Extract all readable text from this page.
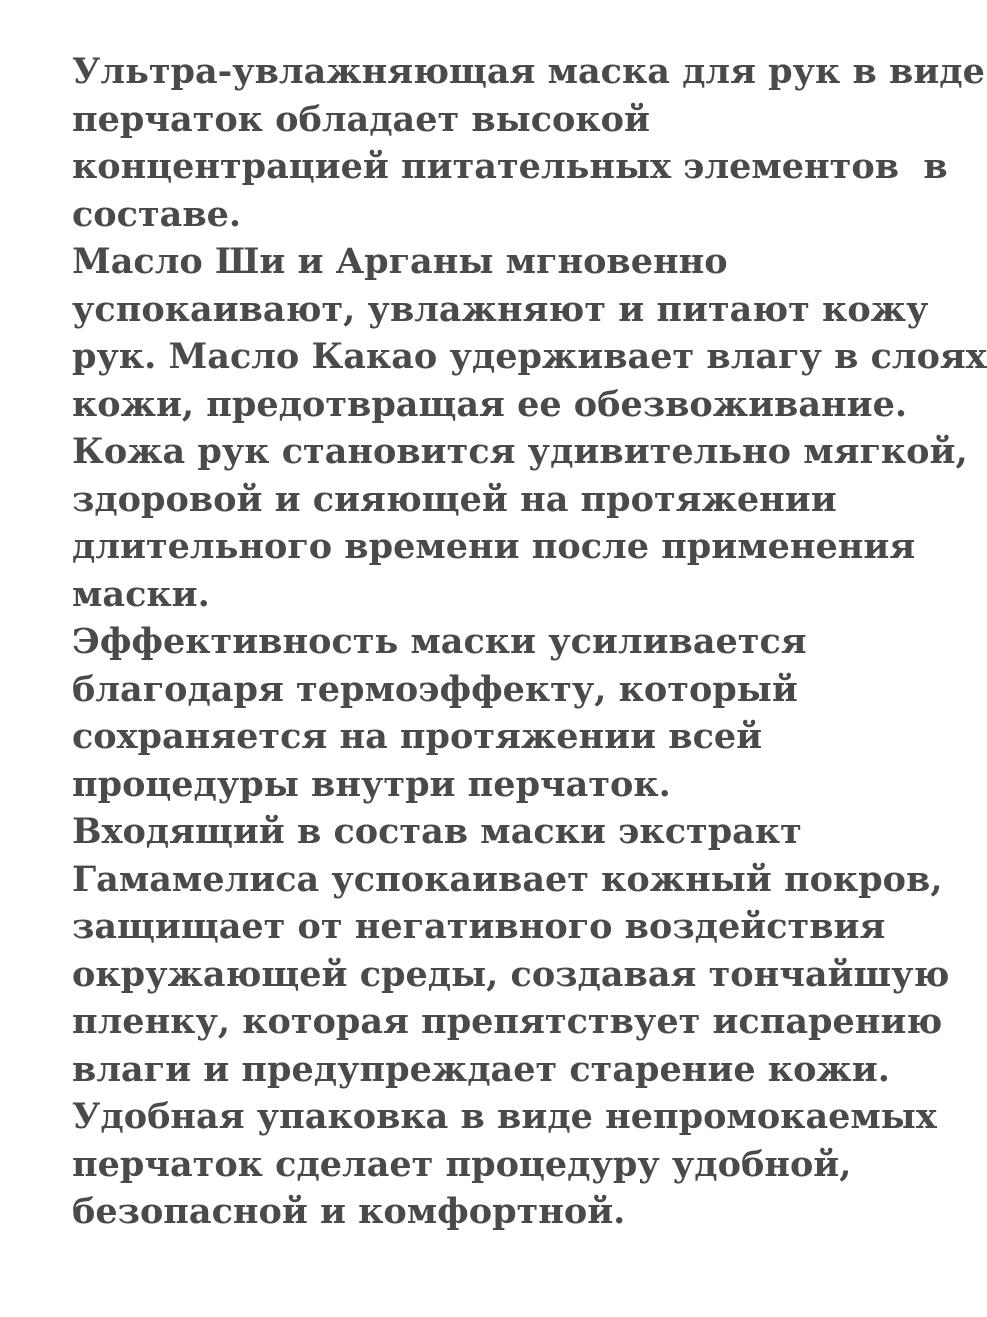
Ультра-увлажняющая маска для рук в виде
перчаток обладает высокой
концентрацией питательных элементов  в
составе.
Масло Ши и Арганы мгновенно
успокаивают, увлажняют и питают кожу
рук. Масло Какао удерживает влагу в слоях
кожи, предотвращая ее обезвоживание.
Кожа рук становится удивительно мягкой,
здоровой и сияющей на протяжении
длительного времени после применения
маски.
Эффективность маски усиливается
благодаря термоэффекту, который
сохраняется на протяжении всей
процедуры внутри перчаток.
Входящий в состав маски экстракт
Гамамелиса успокаивает кожный покров,
защищает от негативного воздействия
окружающей среды, создавая тончайшую
пленку, которая препятствует испарению
влаги и предупреждает старение кожи.
Удобная упаковка в виде непромокаемых
перчаток сделает процедуру удобной,
безопасной и комфортной.
